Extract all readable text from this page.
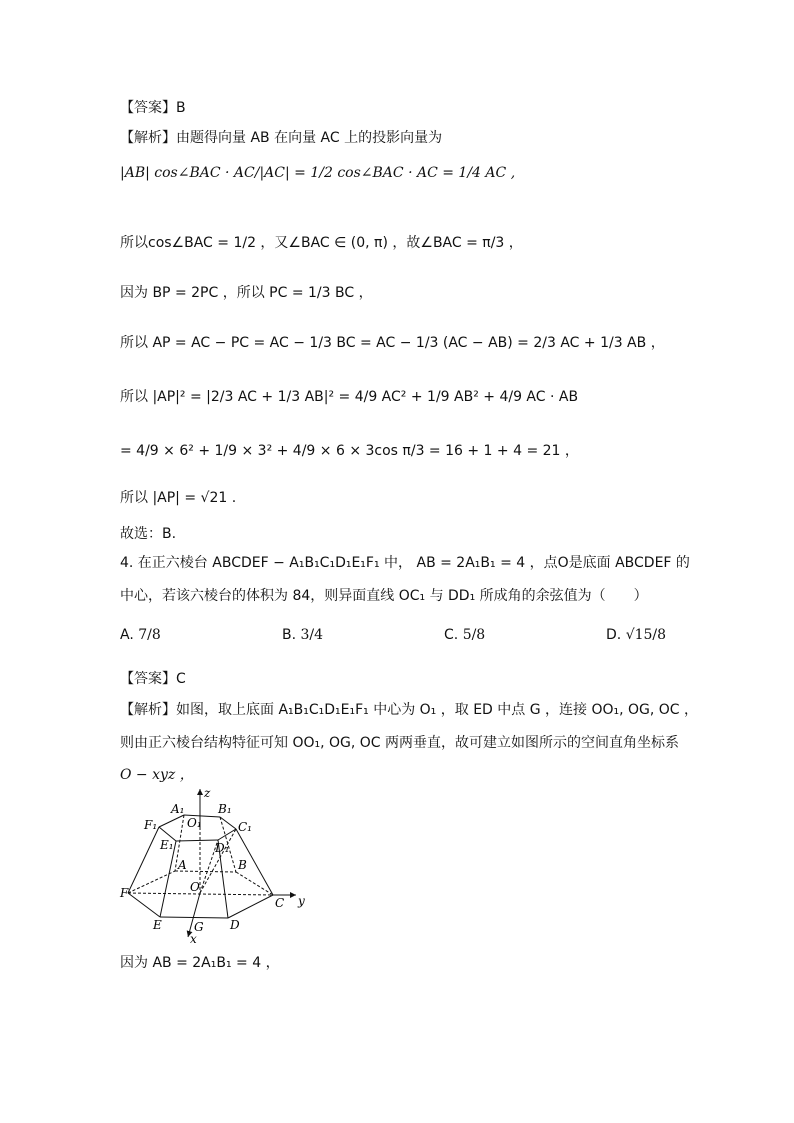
【答案】B
【解析】由题得向量 AB 在向量 AC 上的投影向量为
|AB| cos∠BAC · AC/|AC| = 1/2 cos∠BAC · AC = 1/4 AC ,
所以cos∠BAC = 1/2 ，又∠BAC ∈ (0, π) ，故∠BAC = π/3 ，
因为 BP = 2PC ，所以 PC = 1/3 BC ，
所以 AP = AC − PC = AC − 1/3 BC = AC − 1/3 (AC − AB) = 2/3 AC + 1/3 AB ，
所以 |AP|² = |2/3 AC + 1/3 AB|² = 4/9 AC² + 1/9 AB² + 4/9 AC · AB
= 4/9 × 6² + 1/9 × 3² + 4/9 × 6 × 3cos π/3 = 16 + 1 + 4 = 21 ，
所以 |AP| = √21 .
故选：B.
4. 在正六棱台 ABCDEF − A₁B₁C₁D₁E₁F₁ 中， AB = 2A₁B₁ = 4 ，点O是底面 ABCDEF 的
中心，若该六棱台的体积为 84，则异面直线 OC₁ 与 DD₁ 所成角的余弦值为（　　）
A. 7/8	B. 3/4	C. 5/8	D. √15/8
【答案】C
【解析】如图，取上底面 A₁B₁C₁D₁E₁F₁ 中心为 O₁ ，取 ED 中点 G ，连接 OO₁, OG, OC ，
则由正六棱台结构特征可知 OO₁, OG, OC 两两垂直，故可建立如图所示的空间直角坐标系
O − xyz ，
z
y
x
A₁	B₁
C₁
D₁
E₁
F₁ O₁
A	B
C
D
E
F	O
G
因为 AB = 2A₁B₁ = 4 ，
